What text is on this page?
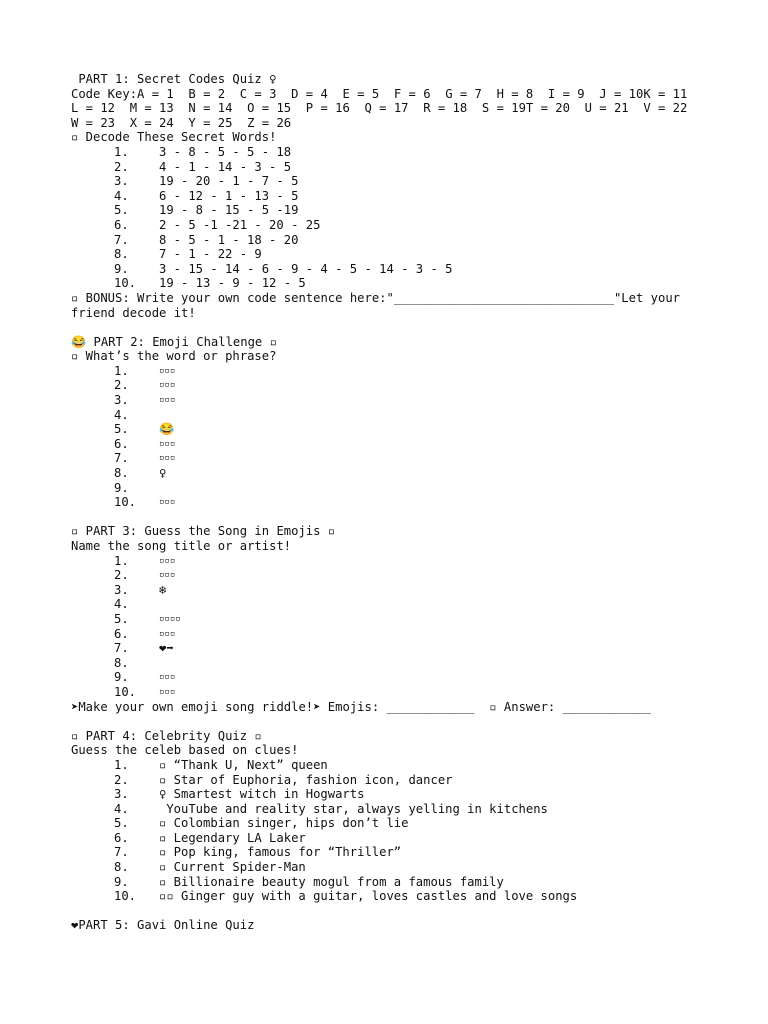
PART 1: Secret Codes Quiz ♀
Code Key:A = 1  B = 2  C = 3  D = 4  E = 5  F = 6  G = 7  H = 8  I = 9  J = 10K = 11
L = 12  M = 13  N = 14  O = 15  P = 16  Q = 17  R = 18  S = 19T = 20  U = 21  V = 22
W = 23  X = 24  Y = 25  Z = 26
▫ Decode These Secret Words!
1.	3 - 8 - 5 - 5 - 18
2.	4 - 1 - 14 - 3 - 5
3.	19 - 20 - 1 - 7 - 5
4.	6 - 12 - 1 - 13 - 5
5.	19 - 8 - 15 - 5 -19
6.	2 - 5 -1 -21 - 20 - 25
7.	8 - 5 - 1 - 18 - 20
8.	7 - 1 - 22 - 9
9.	3 - 15 - 14 - 6 - 9 - 4 - 5 - 14 - 3 - 5
10.	19 - 13 - 9 - 12 - 5
▫ BONUS: Write your own code sentence here:"______________________________"Let your
friend decode it!
😂 PART 2: Emoji Challenge ▫
▫ What’s the word or phrase?
1.	▫▫▫
2.	▫▫▫
3.	▫▫▫
4.
5.	😂
6.	▫▫▫
7.	▫▫▫
8.	♀
9.
10.	▫▫▫
▫ PART 3: Guess the Song in Emojis ▫
Name the song title or artist!
1.	▫▫▫
2.	▫▫▫
3.	❄
4.
5.	▫▫▫▫
6.	▫▫▫
7.	❤➡
8.
9.	▫▫▫
10.	▫▫▫
➤Make your own emoji song riddle!➤ Emojis: ____________  ▫ Answer: ____________
▫ PART 4: Celebrity Quiz ▫
Guess the celeb based on clues!
1.	▫ “Thank U, Next” queen
2.	▫ Star of Euphoria, fashion icon, dancer
3.	♀ Smartest witch in Hogwarts
4.	YouTube and reality star, always yelling in kitchens
5.	▫ Colombian singer, hips don’t lie
6.	▫ Legendary LA Laker
7.	▫ Pop king, famous for “Thriller”
8.	▫ Current Spider-Man
9.	▫ Billionaire beauty mogul from a famous family
10.	▫▫ Ginger guy with a guitar, loves castles and love songs
❤PART 5: Gavi Online Quiz
